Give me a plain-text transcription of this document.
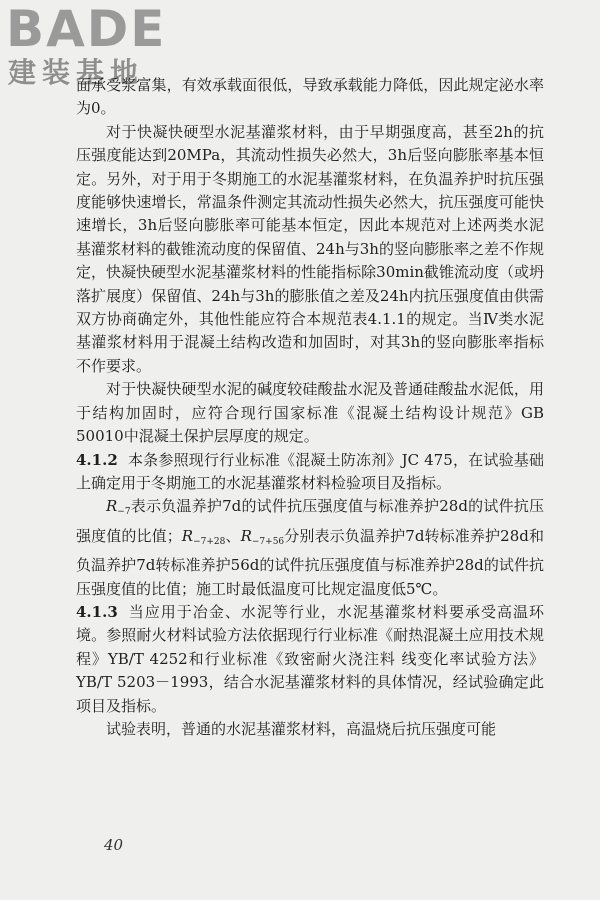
BADE
建装基地

面承受浆富集，有效承载面很低，导致承载能力降低，因此规定泌水率为0。

对于快凝快硬型水泥基灌浆材料，由于早期强度高，甚至2h的抗压强度能达到20MPa，其流动性损失必然大，3h后竖向膨胀率基本恒定。另外，对于用于冬期施工的水泥基灌浆材料，在负温养护时抗压强度能够快速增长，常温条件测定其流动性损失必然大，抗压强度可能快速增长，3h后竖向膨胀率可能基本恒定，因此本规范对上述两类水泥基灌浆材料的截锥流动度的保留值、24h与3h的竖向膨胀率之差不作规定，快凝快硬型水泥基灌浆材料的性能指标除30min截锥流动度（或坍落扩展度）保留值、24h与3h的膨胀值之差及24h内抗压强度值由供需双方协商确定外，其他性能应符合本规范表4.1.1的规定。当Ⅳ类水泥基灌浆材料用于混凝土结构改造和加固时，对其3h的竖向膨胀率指标不作要求。

对于快凝快硬型水泥的碱度较硅酸盐水泥及普通硅酸盐水泥低，用于结构加固时，应符合现行国家标准《混凝土结构设计规范》GB 50010中混凝土保护层厚度的规定。

4.1.2 本条参照现行行业标准《混凝土防冻剂》JC 475，在试验基础上确定用于冬期施工的水泥基灌浆材料检验项目及指标。

$R_{-7}$表示负温养护7d的试件抗压强度值与标准养护28d的试件抗压强度值的比值；$R_{-7+28}$、$R_{-7+56}$分别表示负温养护7d转标准养护28d和负温养护7d转标准养护56d的试件抗压强度值与标准养护28d的试件抗压强度值的比值；施工时最低温度可比规定温度低5℃。

4.1.3 当应用于冶金、水泥等行业，水泥基灌浆材料要承受高温环境。参照耐火材料试验方法依据现行行业标准《耐热混凝土应用技术规程》YB/T 4252和行业标准《致密耐火浇注料 线变化率试验方法》YB/T 5203－1993，结合水泥基灌浆材料的具体情况，经试验确定此项目及指标。

试验表明，普通的水泥基灌浆材料，高温烧后抗压强度可能

40
